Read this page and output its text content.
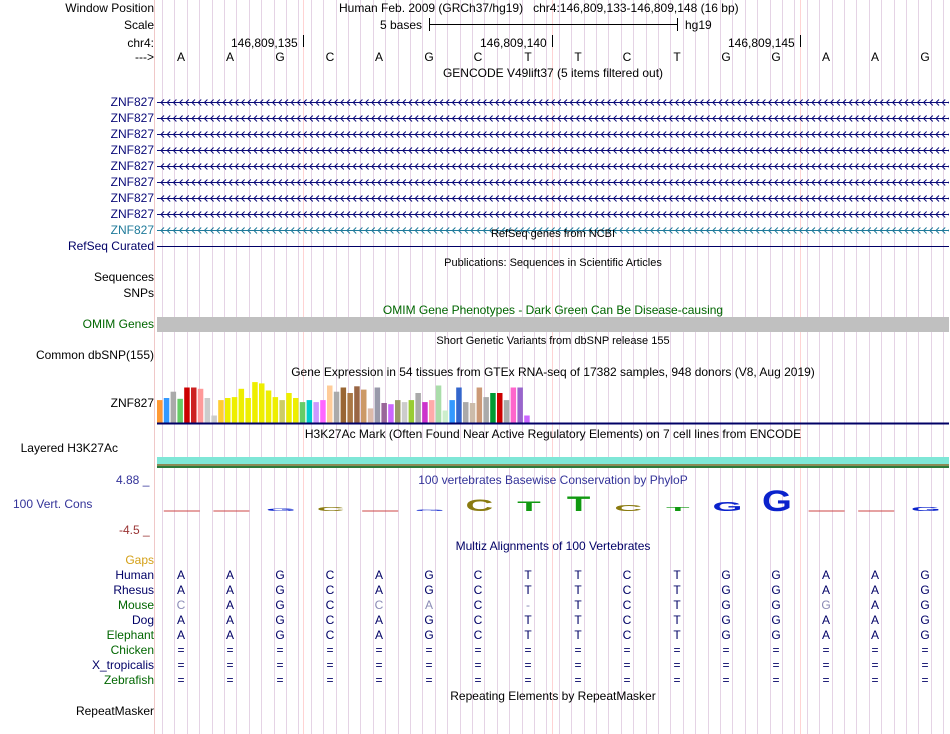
Window Position	Human Feb. 2009 (GRCh37/hg19) chr4:146,809,133-146,809,148 (16 bp)
Scale	5 bases	hg19
chr4:	146,809,135	146,809,140	146,809,145
--->	A	A	G	C	A	G	C	T	T	C	T	G	G	A	A	G
GENCODE V49lift37 (5 items filtered out)
ZNF827
ZNF827
ZNF827
ZNF827
ZNF827
ZNF827
ZNF827
ZNF827
ZNF827	RefSeq genes from NCBI
RefSeq Curated
Publications: Sequences in Scientific Articles
Sequences
SNPs
OMIM Gene Phenotypes - Dark Green Can Be Disease-causing
OMIM Genes
Short Genetic Variants from dbSNP release 155
Common dbSNP(155)
Gene Expression in 54 tissues from GTEx RNA-seq of 17382 samples, 948 donors (V8, Aug 2019)
ZNF827
H3K27Ac Mark (Often Found Near Active Regulatory Elements) on 7 cell lines from ENCODE
Layered H3K27Ac
100 vertebrates Basewise Conservation by PhyloP
4.88 _
100 Vert. Cons
-4.5 _
G C	G C T T C T G G	G
Multiz Alignments of 100 Vertebrates
Gaps
Human	A	A	G	C	A	G	C	T	T	C	T	G	G	A	A	G
Rhesus	A	A	G	C	A	G	C	T	T	C	T	G	G	A	A	G
Mouse	C	A	G	C	C	A	C	-	T	C	T	G	G	G	A	G
Dog	A	A	G	C	A	G	C	T	T	C	T	G	G	A	A	G
Elephant	A	A	G	C	A	G	C	T	T	C	T	G	G	A	A	G
Chicken	=	=	=	=	=	=	=	=	=	=	=	=	=	=	=	=
X_tropicalis	=	=	=	=	=	=	=	=	=	=	=	=	=	=	=	=
Zebrafish	=	=	=	=	=	=	=	=	=	=	=	=	=	=	=	=
Repeating Elements by RepeatMasker
RepeatMasker
